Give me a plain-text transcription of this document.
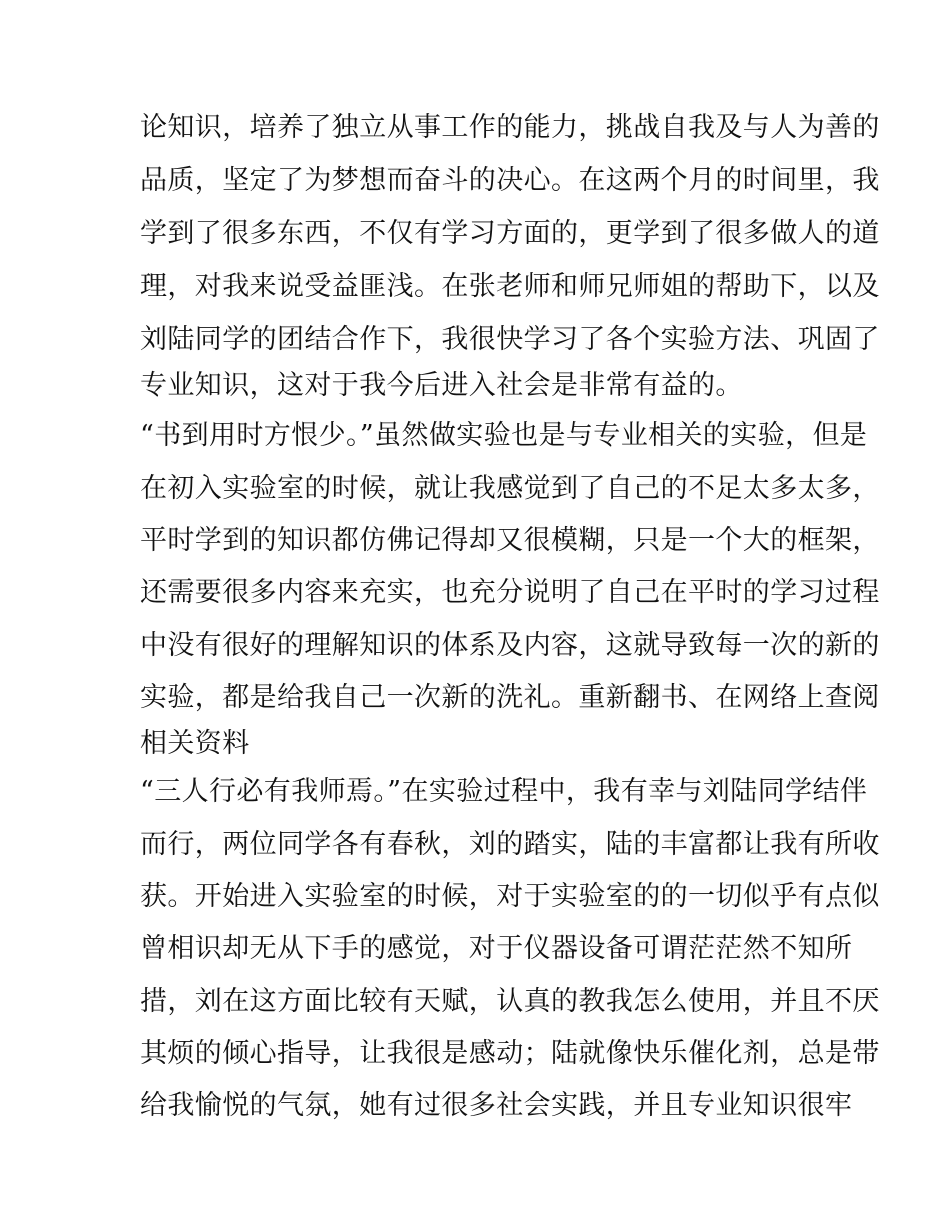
论知识，培养了独立从事工作的能力，挑战自我及与人为善的
品质，坚定了为梦想而奋斗的决心。在这两个月的时间里，我
学到了很多东西，不仅有学习方面的，更学到了很多做人的道
理，对我来说受益匪浅。在张老师和师兄师姐的帮助下，以及
刘陆同学的团结合作下，我很快学习了各个实验方法、巩固了
专业知识，这对于我今后进入社会是非常有益的。
“书到用时方恨少。”虽然做实验也是与专业相关的实验，但是
在初入实验室的时候，就让我感觉到了自己的不足太多太多，
平时学到的知识都仿佛记得却又很模糊，只是一个大的框架，
还需要很多内容来充实，也充分说明了自己在平时的学习过程
中没有很好的理解知识的体系及内容，这就导致每一次的新的
实验，都是给我自己一次新的洗礼。重新翻书、在网络上查阅
相关资料
“三人行必有我师焉。”在实验过程中，我有幸与刘陆同学结伴
而行，两位同学各有春秋，刘的踏实，陆的丰富都让我有所收
获。开始进入实验室的时候，对于实验室的的一切似乎有点似
曾相识却无从下手的感觉，对于仪器设备可谓茫茫然不知所
措，刘在这方面比较有天赋，认真的教我怎么使用，并且不厌
其烦的倾心指导，让我很是感动；陆就像快乐催化剂，总是带
给我愉悦的气氛，她有过很多社会实践，并且专业知识很牢
